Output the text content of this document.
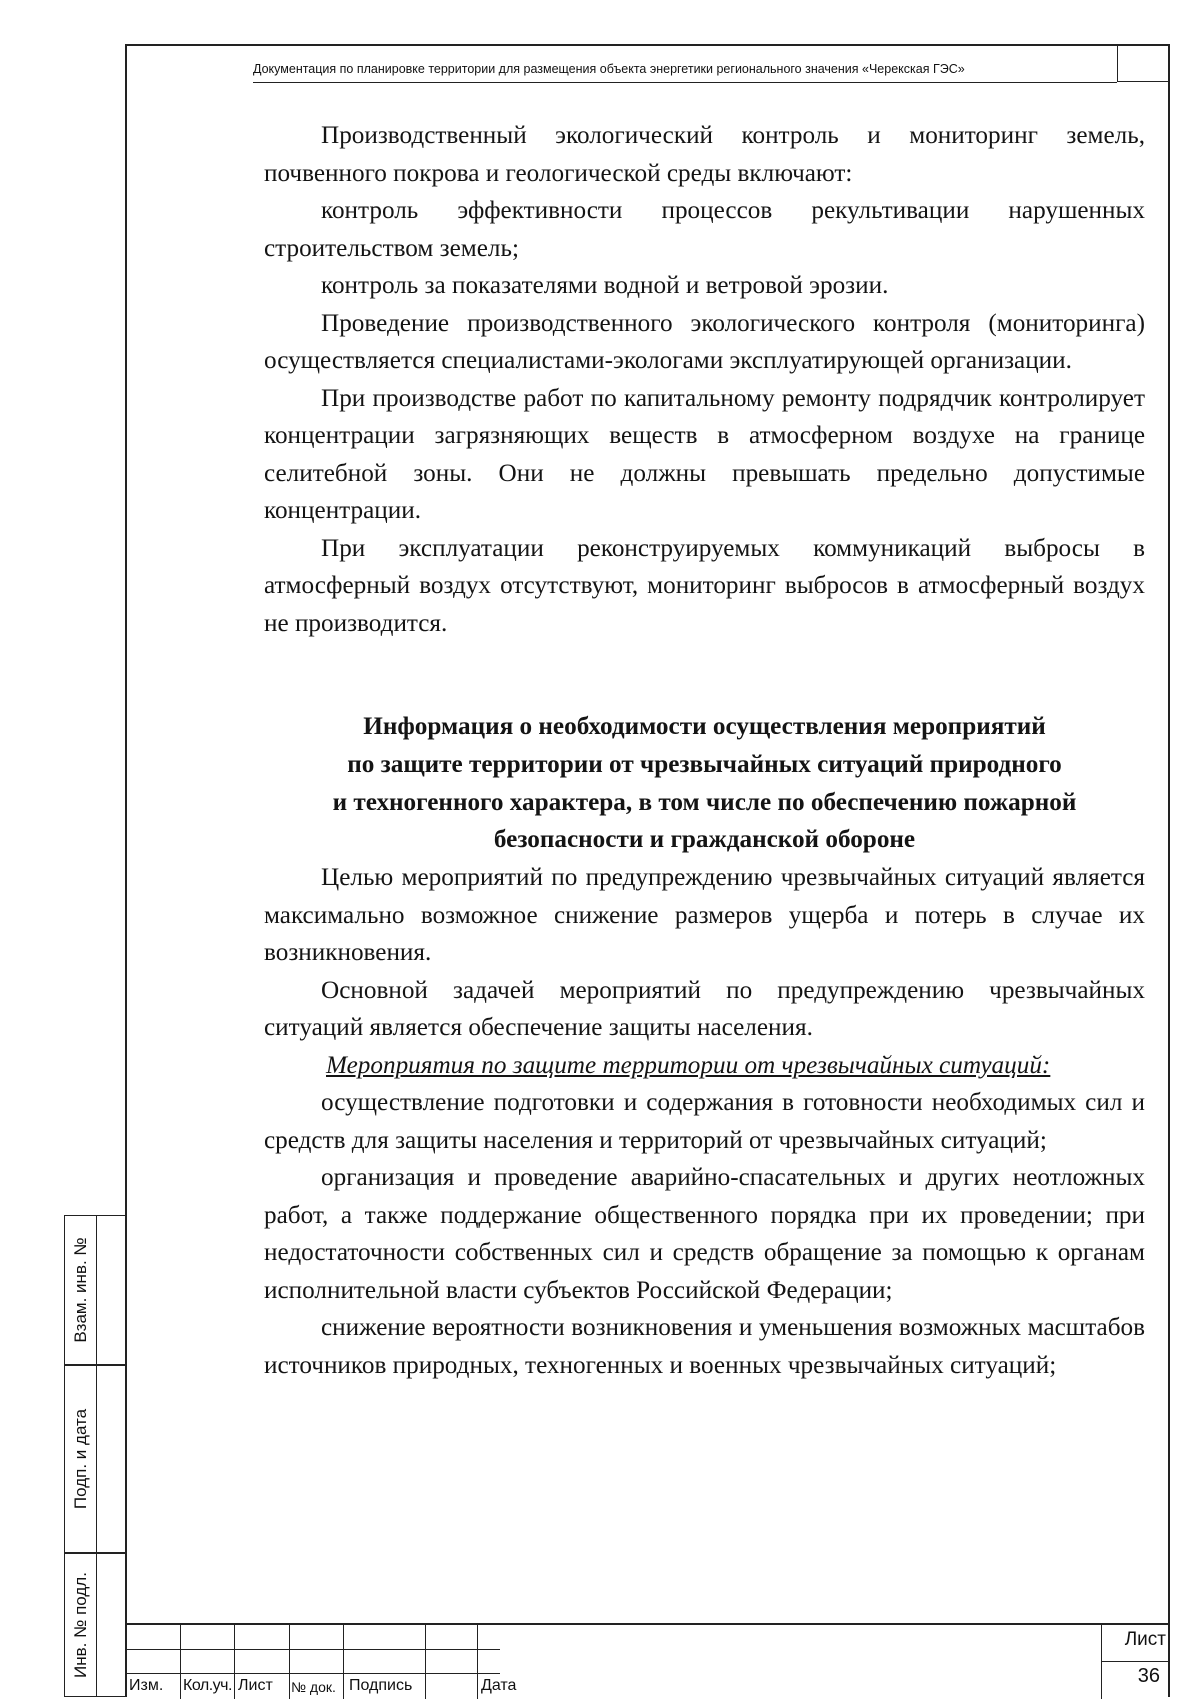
Документация по планировке территории для размещения объекта энергетики регионального значения «Черекская ГЭС»

Производственный экологический контроль и мониторинг земель, почвенного покрова и геологической среды включают:

контроль эффективности процессов рекультивации нарушенных строительством земель;

контроль за показателями водной и ветровой эрозии.

Проведение производственного экологического контроля (мониторинга) осуществляется специалистами-экологами эксплуатирующей организации.

При производстве работ по капитальному ремонту подрядчик контролирует концентрации загрязняющих веществ в атмосферном воздухе на границе селитебной зоны. Они не должны превышать предельно допустимые концентрации.

При эксплуатации реконструируемых коммуникаций выбросы в атмосферный воздух отсутствуют, мониторинг выбросов в атмосферный воздух не производится.

Информация о необходимости осуществления мероприятий
по защите территории от чрезвычайных ситуаций природного
и техногенного характера, в том числе по обеспечению пожарной
безопасности и гражданской обороне

Целью мероприятий по предупреждению чрезвычайных ситуаций является максимально возможное снижение размеров ущерба и потерь в случае их возникновения.

Основной задачей мероприятий по предупреждению чрезвычайных ситуаций является обеспечение защиты населения.

Мероприятия по защите территории от чрезвычайных ситуаций:

осуществление подготовки и содержания в готовности необходимых сил и средств для защиты населения и территорий от чрезвычайных ситуаций;

организация и проведение аварийно-спасательных и других неотложных работ, а также поддержание общественного порядка при их проведении; при недостаточности собственных сил и средств обращение за помощью к органам исполнительной власти субъектов Российской Федерации;

снижение вероятности возникновения и уменьшения возможных масштабов источников природных, техногенных и военных чрезвычайных ситуаций;

Взам. инв. №
Подп. и дата
Инв. № подл.
Изм. Кол.уч. Лист № док. Подпись	Дата
Лист
36
